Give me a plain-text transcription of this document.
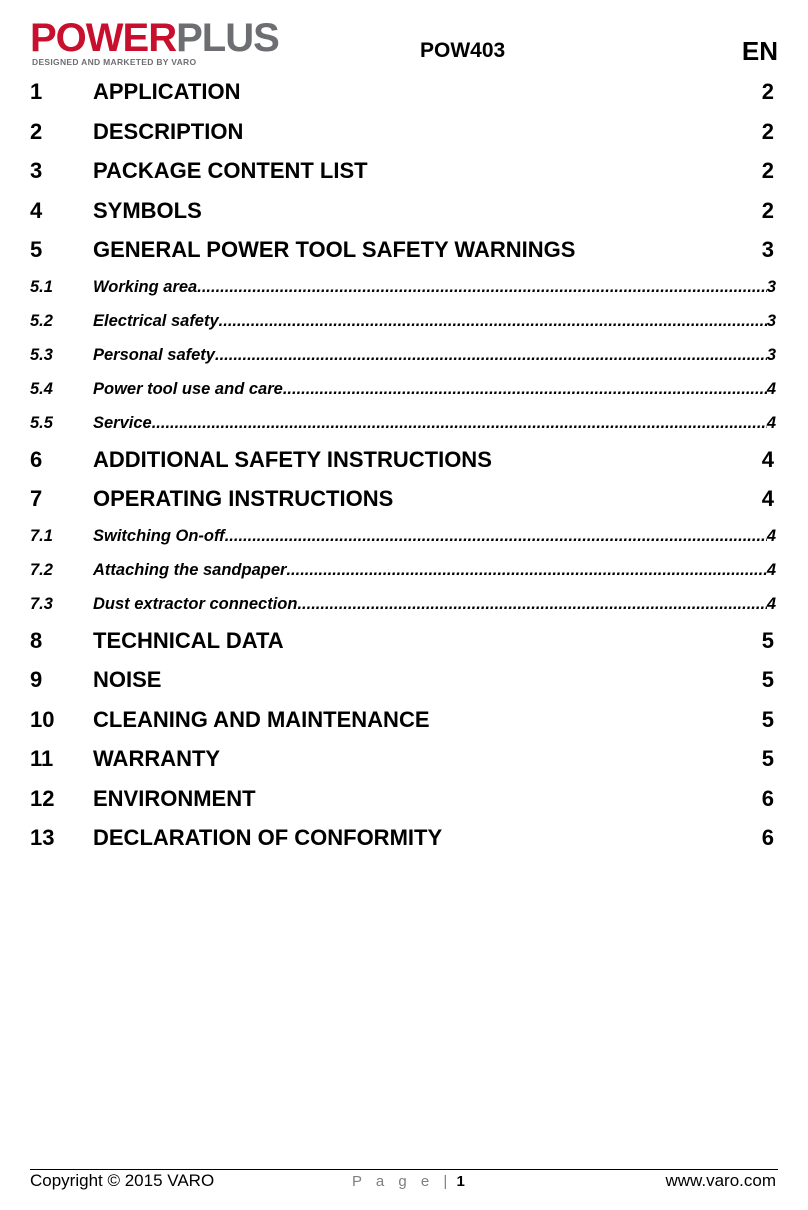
POWERPLUS
DESIGNED AND MARKETED BY VARO	POW403	EN
1	APPLICATION	2
2	DESCRIPTION	2
3	PACKAGE CONTENT LIST	2
4	SYMBOLS	2
5	GENERAL POWER TOOL SAFETY WARNINGS	3
5.1	Working area .....	3
5.2	Electrical safety .....	3
5.3	Personal safety .....	3
5.4	Power tool use and care .....	4
5.5	Service .....	4
6	ADDITIONAL SAFETY INSTRUCTIONS	4
7	OPERATING INSTRUCTIONS	4
7.1	Switching On-off .....	4
7.2	Attaching the sandpaper .....	4
7.3	Dust extractor connection .....	4
8	TECHNICAL DATA	5
9	NOISE	5
10	CLEANING AND MAINTENANCE	5
11	WARRANTY	5
12	ENVIRONMENT	6
13	DECLARATION OF CONFORMITY	6
Copyright © 2015 VARO	P a g e | 1	www.varo.com
